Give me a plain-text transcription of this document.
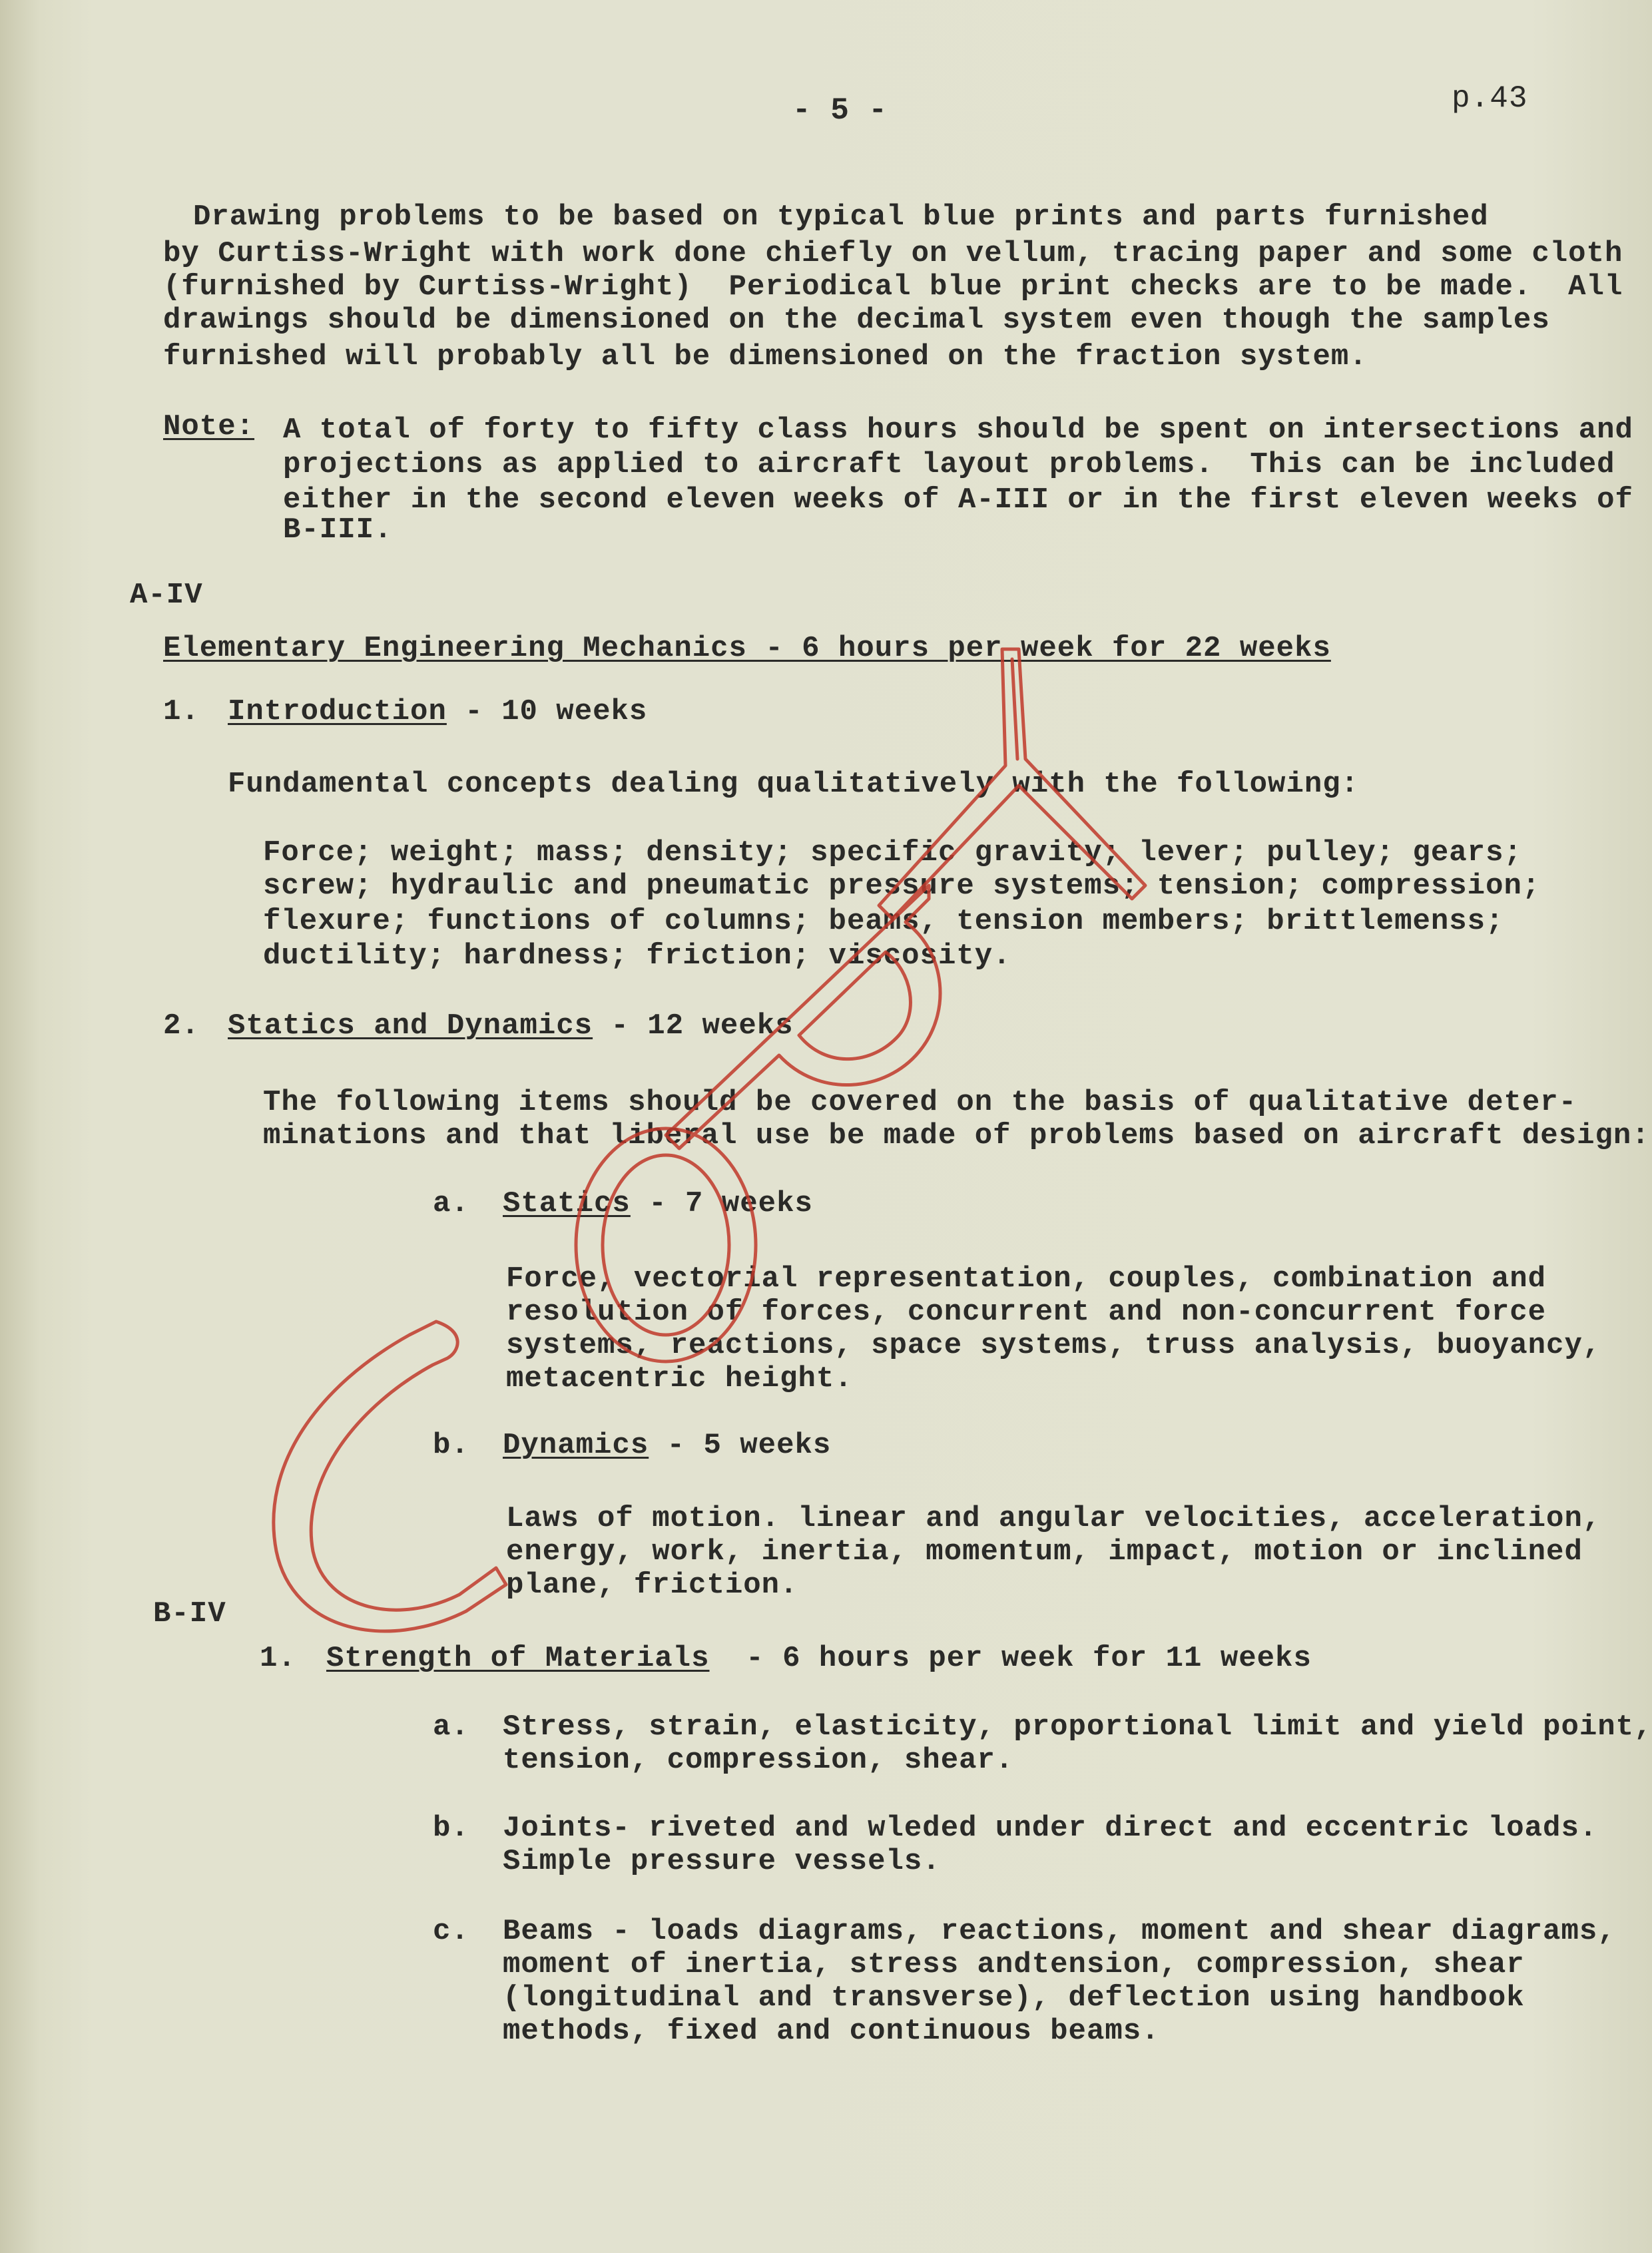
- 5 -	p.43
Drawing problems to be based on typical blue prints and parts furnished
by Curtiss-Wright with work done chiefly on vellum, tracing paper and some cloth
(furnished by Curtiss-Wright)  Periodical blue print checks are to be made.  All
drawings should be dimensioned on the decimal system even though the samples
furnished will probably all be dimensioned on the fraction system.
Note: A total of forty to fifty class hours should be spent on intersections and
projections as applied to aircraft layout problems.  This can be included
either in the second eleven weeks of A-III or in the first eleven weeks of
B-III.
A-IV
Elementary Engineering Mechanics - 6 hours per week for 22 weeks
1. Introduction - 10 weeks
Fundamental concepts dealing qualitatively with the following:
Force; weight; mass; density; specific gravity; lever; pulley; gears;
screw; hydraulic and pneumatic pressure systems; tension; compression;
flexure; functions of columns; beams, tension members; brittlemenss;
ductility; hardness; friction; viscosity.
2. Statics and Dynamics - 12 weeks
The following items should be covered on the basis of qualitative deter-
minations and that liberal use be made of problems based on aircraft design:
a. Statics - 7 weeks
Force, vectorial representation, couples, combination and
resolution of forces, concurrent and non-concurrent force
systems, reactions, space systems, truss analysis, buoyancy,
metacentric height.
b. Dynamics - 5 weeks
Laws of motion. linear and angular velocities, acceleration,
energy, work, inertia, momentum, impact, motion or inclined
plane, friction.
B-IV
1. Strength of Materials  - 6 hours per week for 11 weeks
a. Stress, strain, elasticity, proportional limit and yield point,
tension, compression, shear.
b. Joints- riveted and wleded under direct and eccentric loads.
Simple pressure vessels.
c. Beams - loads diagrams, reactions, moment and shear diagrams,
moment of inertia, stress andtension, compression, shear
(longitudinal and transverse), deflection using handbook
methods, fixed and continuous beams.
